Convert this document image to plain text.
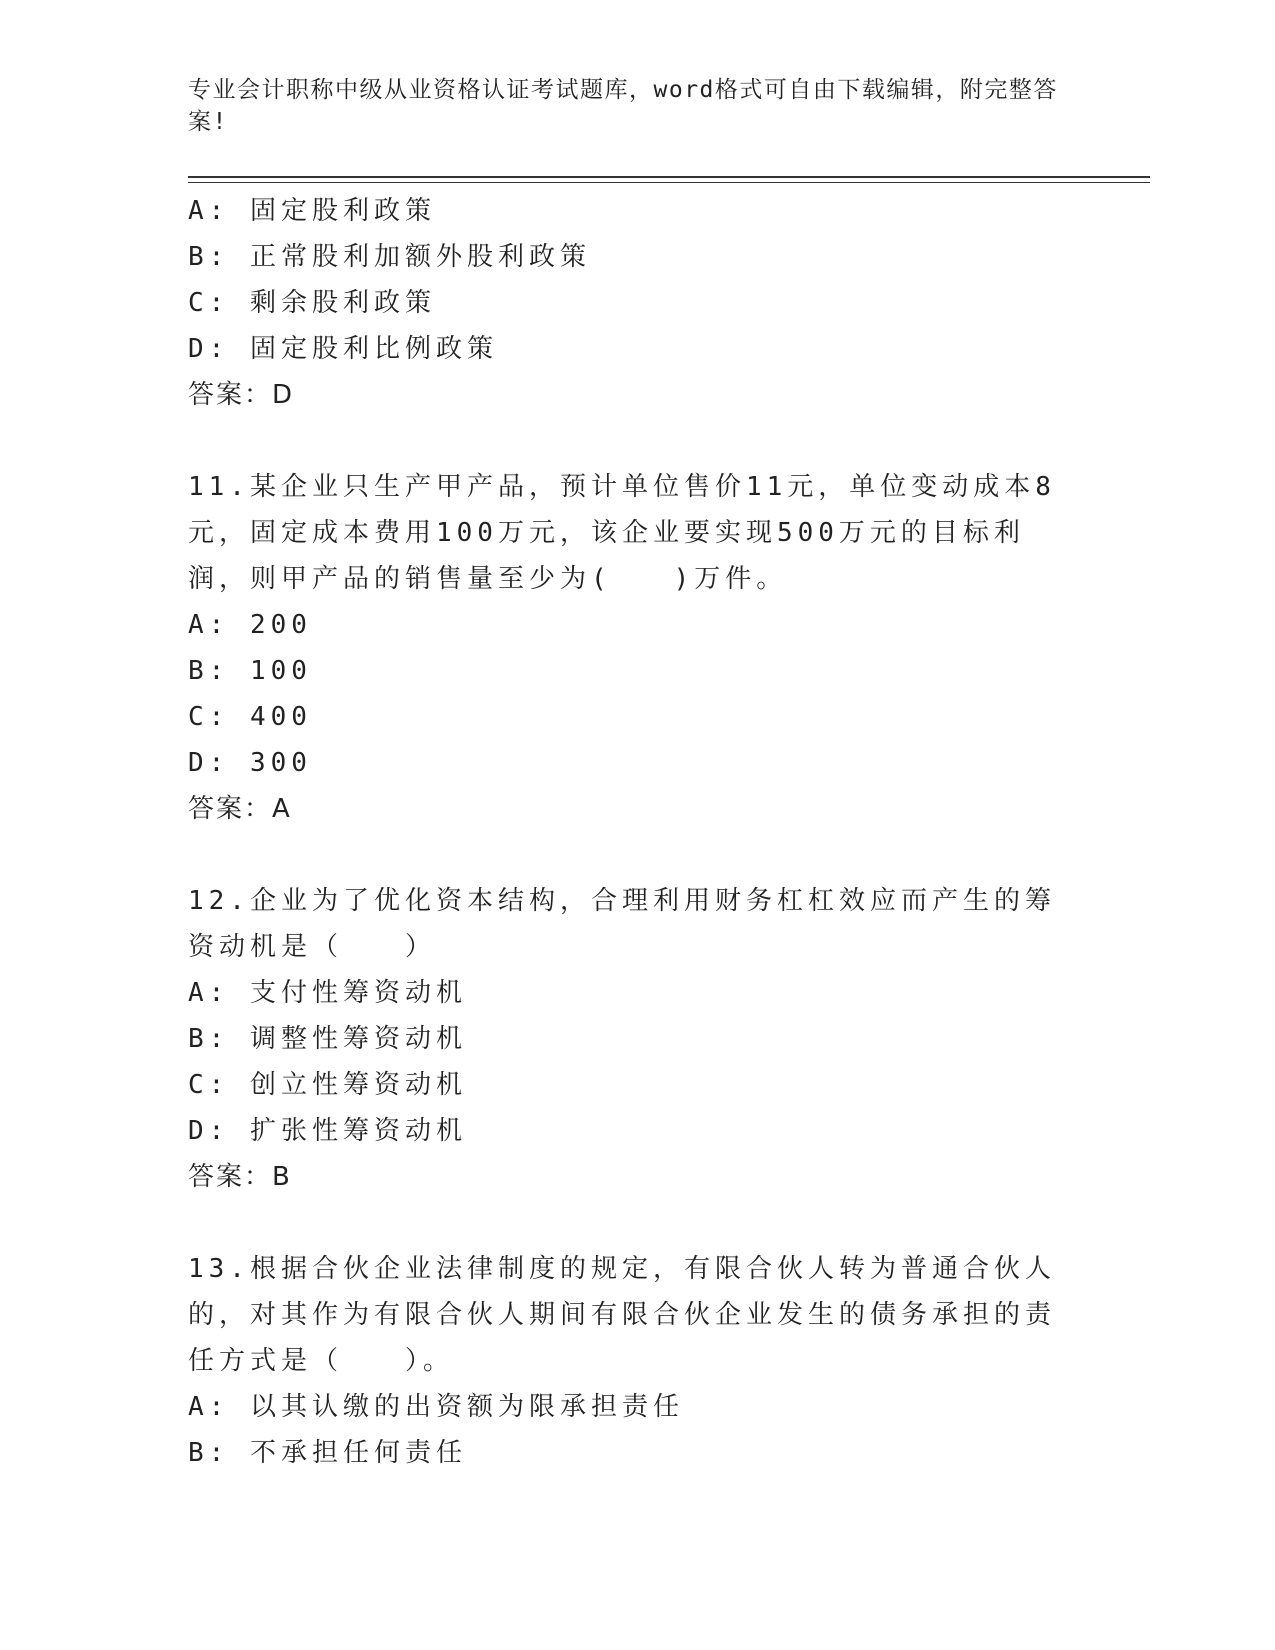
专业会计职称中级从业资格认证考试题库，word格式可自由下载编辑，附完整答案!
A: 固定股利政策
B: 正常股利加额外股利政策
C: 剩余股利政策
D: 固定股利比例政策
答案：D
11.某企业只生产甲产品，预计单位售价11元，单位变动成本8元，固定成本费用100万元，该企业要实现500万元的目标利润，则甲产品的销售量至少为(　　)万件。
A: 200
B: 100
C: 400
D: 300
答案：A
12.企业为了优化资本结构，合理利用财务杠杠效应而产生的筹资动机是（　　）
A: 支付性筹资动机
B: 调整性筹资动机
C: 创立性筹资动机
D: 扩张性筹资动机
答案：B
13.根据合伙企业法律制度的规定，有限合伙人转为普通合伙人的，对其作为有限合伙人期间有限合伙企业发生的债务承担的责任方式是（　　）。
A: 以其认缴的出资额为限承担责任
B: 不承担任何责任
